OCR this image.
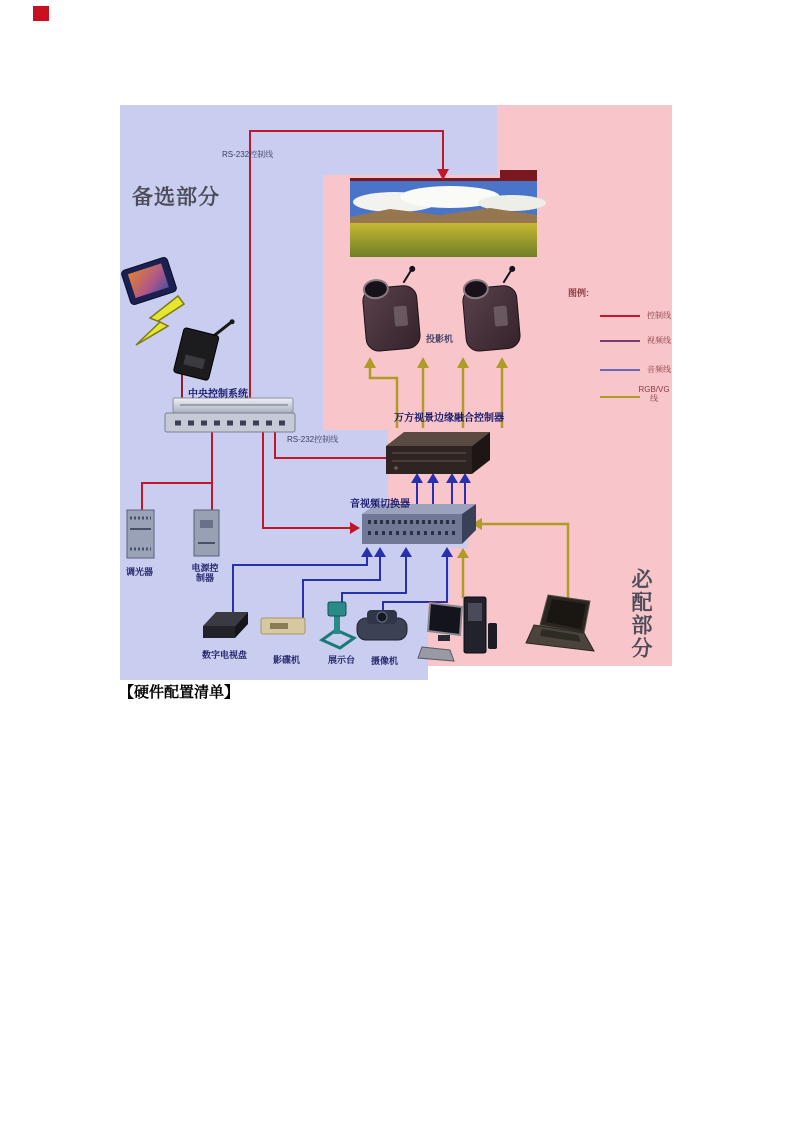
备选部分
必配部分
RS-232控制线
RS-232控制线
中央控制系统
万方视景边缘融合控制器
音视频切换器
投影机
调光器	电源控制器
数字电视盘	影碟机	展示台 摄像机
图例:
控制线
视频线
音频线
RGB/VG线
【硬件配置清单】
